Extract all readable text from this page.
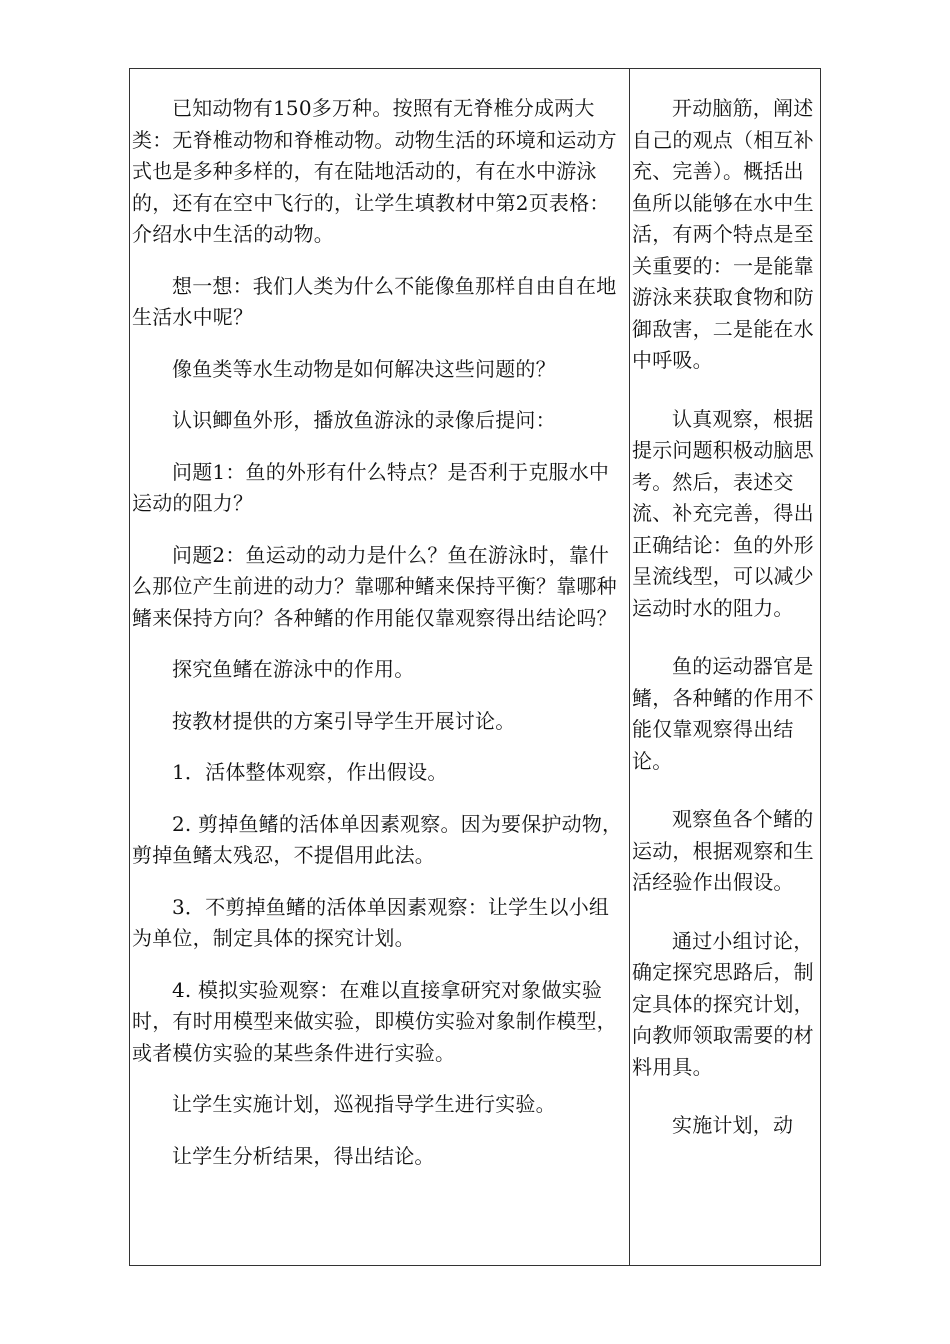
已知动物有150多万种。按照有无脊椎分成两大类：无脊椎动物和脊椎动物。动物生活的环境和运动方式也是多种多样的，有在陆地活动的，有在水中游泳的，还有在空中飞行的，让学生填教材中第2页表格：介绍水中生活的动物。

想一想：我们人类为什么不能像鱼那样自由自在地生活水中呢？

像鱼类等水生动物是如何解决这些问题的？

认识鲫鱼外形，播放鱼游泳的录像后提问：

问题1：鱼的外形有什么特点？是否利于克服水中运动的阻力？

问题2：鱼运动的动力是什么？鱼在游泳时，靠什么那位产生前进的动力？靠哪种鳍来保持平衡？靠哪种鳍来保持方向？各种鳍的作用能仅靠观察得出结论吗？

探究鱼鳍在游泳中的作用。

按教材提供的方案引导学生开展讨论。

1．活体整体观察，作出假设。

2. 剪掉鱼鳍的活体单因素观察。因为要保护动物，剪掉鱼鳍太残忍，不提倡用此法。

3．不剪掉鱼鳍的活体单因素观察：让学生以小组为单位，制定具体的探究计划。

4. 模拟实验观察：在难以直接拿研究对象做实验时，有时用模型来做实验，即模仿实验对象制作模型，或者模仿实验的某些条件进行实验。

让学生实施计划，巡视指导学生进行实验。

让学生分析结果，得出结论。

开动脑筋，阐述自己的观点（相互补充、完善）。概括出鱼所以能够在水中生活，有两个特点是至关重要的：一是能靠游泳来获取食物和防御敌害，二是能在水中呼吸。

认真观察，根据提示问题积极动脑思考。然后，表述交流、补充完善，得出正确结论：鱼的外形呈流线型，可以减少运动时水的阻力。

鱼的运动器官是鳍，各种鳍的作用不能仅靠观察得出结论。

观察鱼各个鳍的运动，根据观察和生活经验作出假设。

通过小组讨论，确定探究思路后，制定具体的探究计划，向教师领取需要的材料用具。

实施计划，动
